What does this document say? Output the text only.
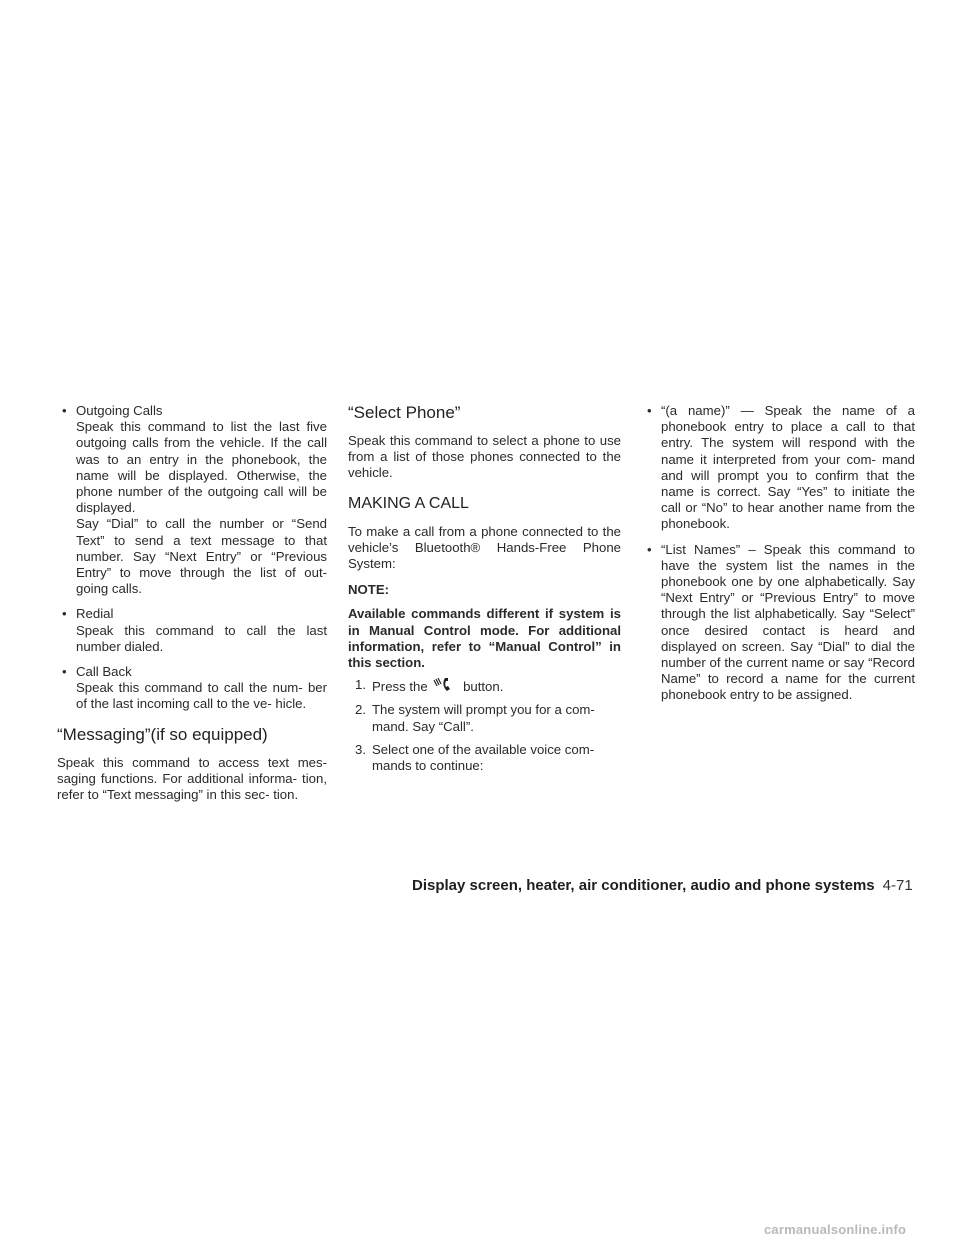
• Outgoing Calls

Speak this command to list the last five outgoing calls from the vehicle. If the call was to an entry in the phonebook, the name will be displayed. Otherwise, the phone number of the outgoing call will be displayed.

Say “Dial” to call the number or “Send Text” to send a text message to that number. Say “Next Entry” or “Previous Entry” to move through the list of out- going calls.

• Redial

Speak this command to call the last number dialed.

• Call Back

Speak this command to call the num- ber of the last incoming call to the ve- hicle.

“Messaging”(if so equipped)

Speak this command to access text mes- saging functions. For additional informa- tion, refer to “Text messaging” in this sec- tion.

“Select Phone”

Speak this command to select a phone to use from a list of those phones connected to the vehicle.

MAKING A CALL

To make a call from a phone connected to the vehicle’s Bluetooth® Hands-Free Phone System:

NOTE:

Available commands different if system is in Manual Control mode. For additional information, refer to “Manual Control” in this section.

1. Press the	button.
2. The system will prompt you for a com- mand. Say “Call”.
3. Select one of the available voice com- mands to continue:
• “(a name)” — Speak the name of a phonebook entry to place a call to that entry. The system will respond with the name it interpreted from your com- mand and will prompt you to confirm that the name is correct. Say “Yes” to initiate the call or “No” to hear another name from the phonebook.
• “List Names” – Speak this command to have the system list the names in the phonebook one by one alphabetically. Say “Next Entry” or “Previous Entry” to move through the list alphabetically. Say “Select” once desired contact is heard and displayed on screen. Say “Dial” to dial the number of the current name or say “Record Name” to record a name for the current phonebook entry to be assigned.
Display screen, heater, air conditioner, audio and phone systems 4-71
carmanualsonline.info
